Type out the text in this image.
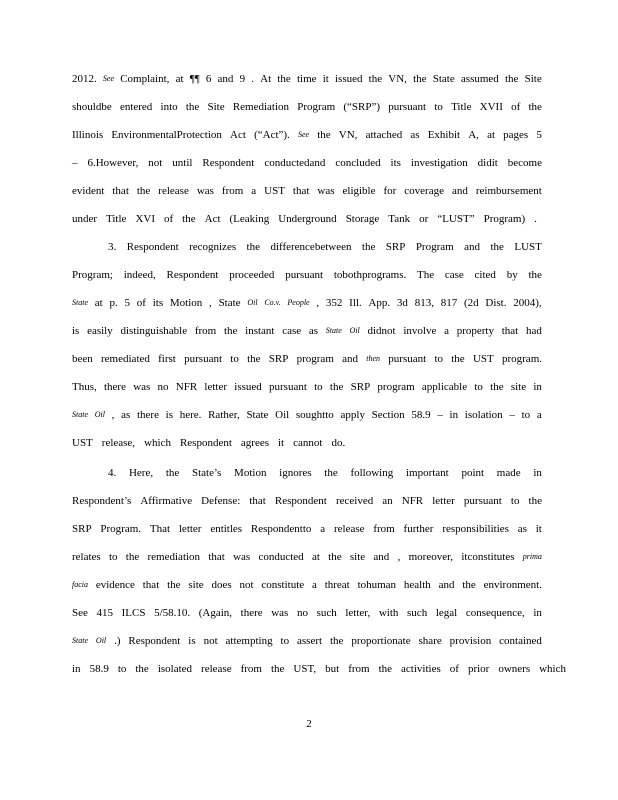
2012. See Complaint, at ¶¶ 6 and 9 . At the time it issued the VN, the State assumed the Site
shouldbe entered into the Site Remediation Program (“SRP”) pursuant to Title XVII of the
Illinois EnvironmentalProtection Act (“Act”). See the VN, attached as Exhibit A, at pages 5
– 6.However, not until Respondent conductedand concluded its investigation didit become
evident that the release was from a UST that was eligible for coverage and reimbursement
under Title XVI of the Act (Leaking Underground Storage Tank or “LUST” Program) .
3. Respondent recognizes the differencebetween the SRP Program and the LUST
Program; indeed, Respondent proceeded pursuant tobothprograms. The case cited by the
State at p. 5 of its Motion , State Oil Co.v. People , 352 Ill. App. 3d 813, 817 (2d Dist. 2004),
is easily distinguishable from the instant case as State Oil didnot involve a property that had
been remediated first pursuant to the SRP program and then pursuant to the UST program.
Thus, there was no NFR letter issued pursuant to the SRP program applicable to the site in
State Oil , as there is here. Rather, State Oil soughtto apply Section 58.9 – in isolation – to a
UST release, which Respondent agrees it cannot do.
4. Here, the State’s Motion ignores the following important point made in
Respondent’s Affirmative Defense: that Respondent received an NFR letter pursuant to the
SRP Program. That letter entitles Respondentto a release from further responsibilities as it
relates to the remediation that was conducted at the site and , moreover, itconstitutes prima
facia evidence that the site does not constitute a threat tohuman health and the environment.
See 415 ILCS 5/58.10. (Again, there was no such letter, with such legal consequence, in
State Oil .) Respondent is not attempting to assert the proportionate share provision contained
in 58.9 to the isolated release from the UST, but from the activities of prior owners which
2
